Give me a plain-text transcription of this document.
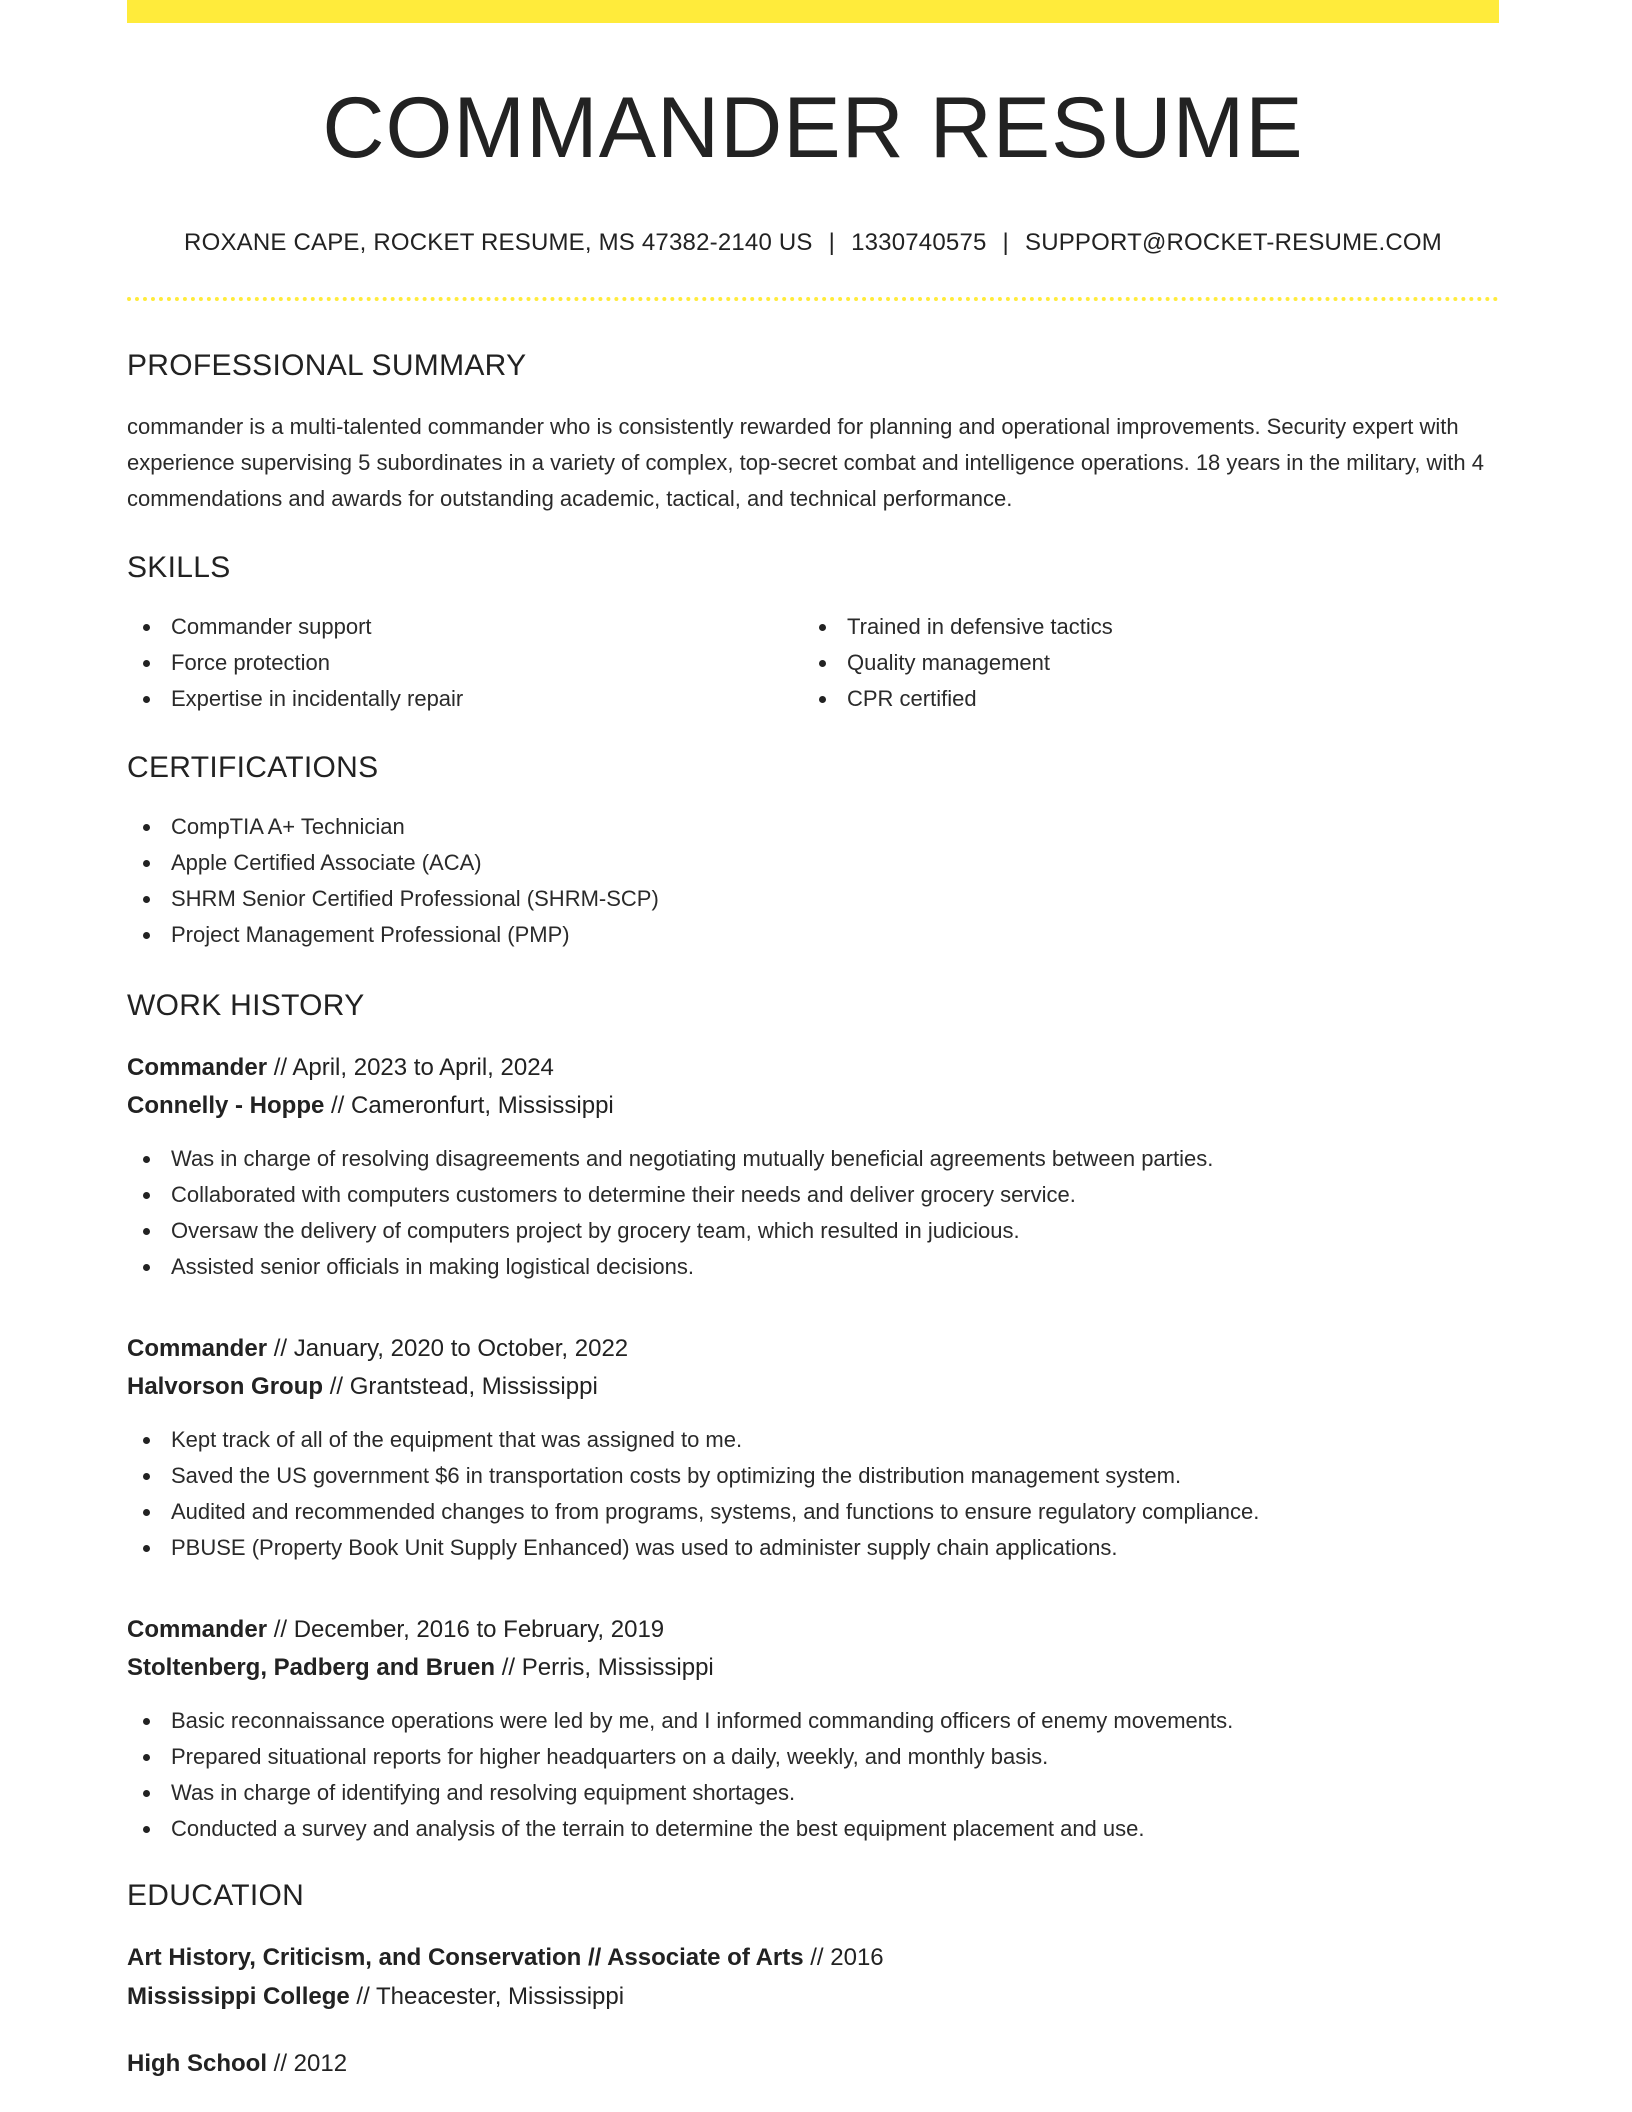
COMMANDER RESUME
ROXANE CAPE, ROCKET RESUME, MS 47382-2140 US | 1330740575 | SUPPORT@ROCKET-RESUME.COM
PROFESSIONAL SUMMARY

commander is a multi-talented commander who is consistently rewarded for planning and operational improvements. Security expert with experience supervising 5 subordinates in a variety of complex, top-secret combat and intelligence operations. 18 years in the military, with 4 commendations and awards for outstanding academic, tactical, and technical performance.

SKILLS
Commander support
Force protection
Expertise in incidentally repair
Trained in defensive tactics
Quality management
CPR certified
CERTIFICATIONS
CompTIA A+ Technician
Apple Certified Associate (ACA)
SHRM Senior Certified Professional (SHRM-SCP)
Project Management Professional (PMP)
WORK HISTORY
Commander // April, 2023 to April, 2024
Connelly - Hoppe // Cameronfurt, Mississippi
Was in charge of resolving disagreements and negotiating mutually beneficial agreements between parties.
Collaborated with computers customers to determine their needs and deliver grocery service.
Oversaw the delivery of computers project by grocery team, which resulted in judicious.
Assisted senior officials in making logistical decisions.
Commander // January, 2020 to October, 2022
Halvorson Group // Grantstead, Mississippi
Kept track of all of the equipment that was assigned to me.
Saved the US government $6 in transportation costs by optimizing the distribution management system.
Audited and recommended changes to from programs, systems, and functions to ensure regulatory compliance.
PBUSE (Property Book Unit Supply Enhanced) was used to administer supply chain applications.
Commander // December, 2016 to February, 2019
Stoltenberg, Padberg and Bruen // Perris, Mississippi
Basic reconnaissance operations were led by me, and I informed commanding officers of enemy movements.
Prepared situational reports for higher headquarters on a daily, weekly, and monthly basis.
Was in charge of identifying and resolving equipment shortages.
Conducted a survey and analysis of the terrain to determine the best equipment placement and use.
EDUCATION
Art History, Criticism, and Conservation // Associate of Arts // 2016
Mississippi College // Theacester, Mississippi
High School // 2012
